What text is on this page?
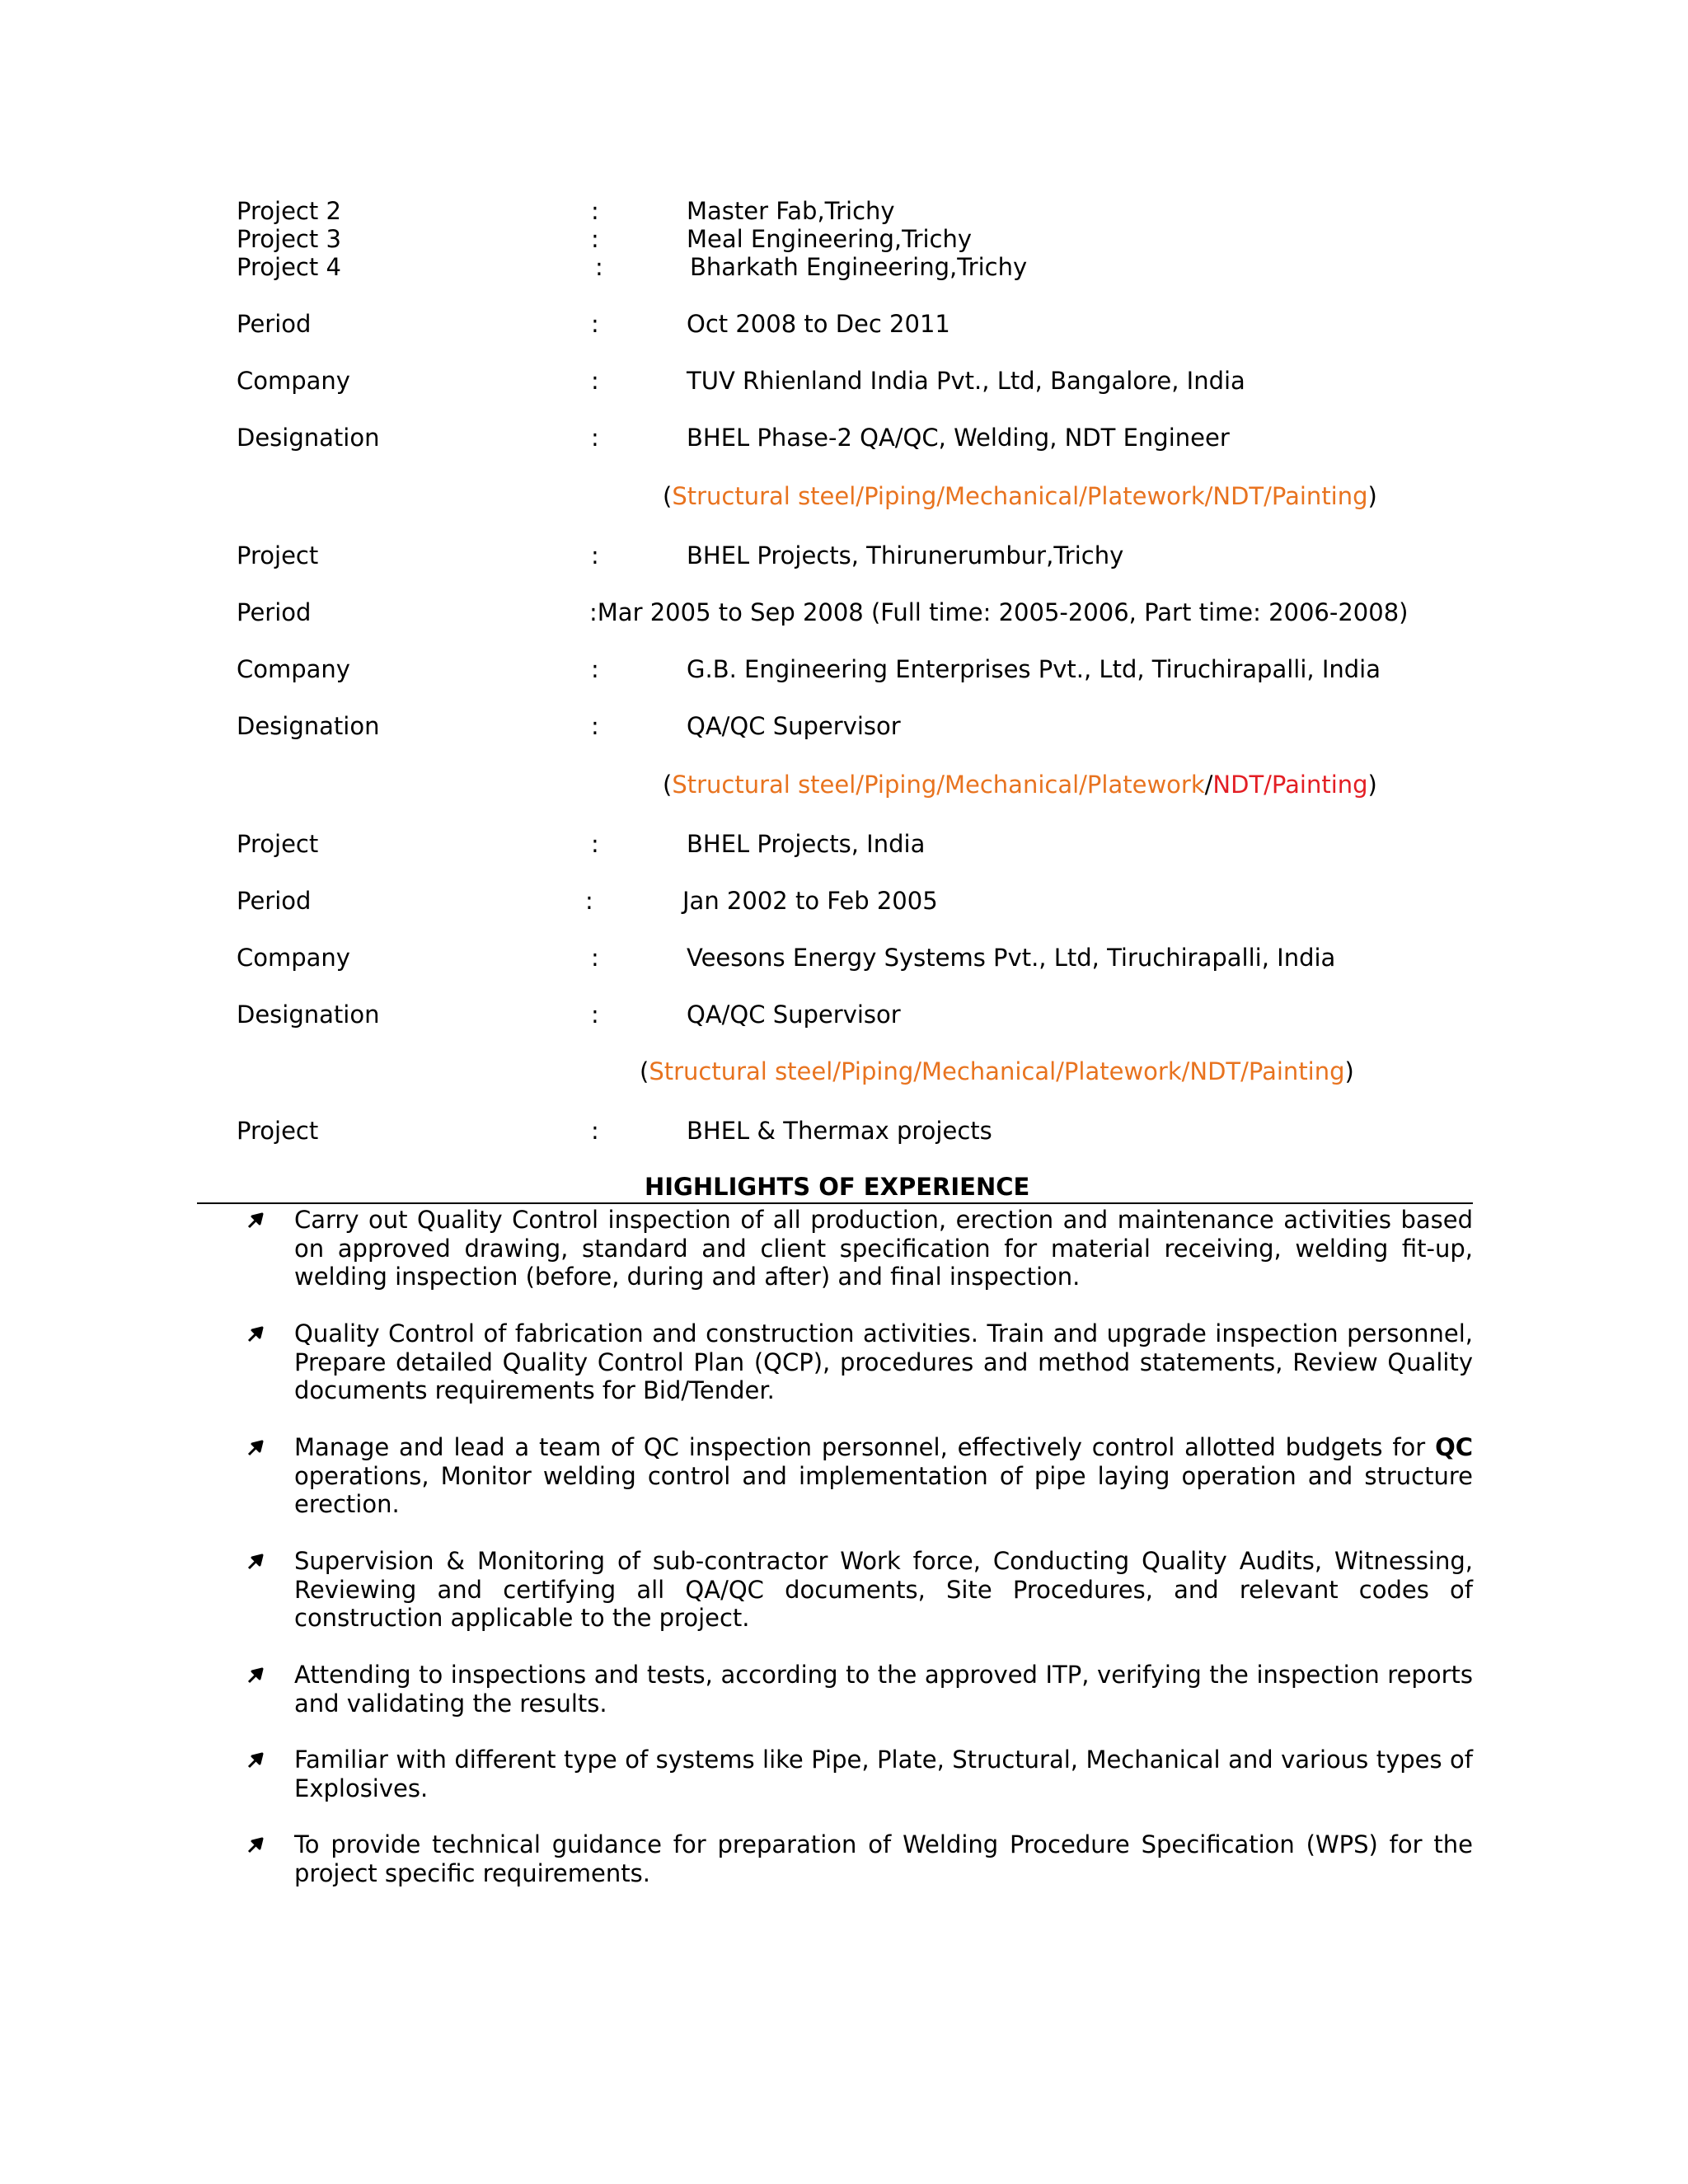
Project 2	:	Master Fab,Trichy
Project 3	:	Meal Engineering,Trichy
Project 4	:	Bharkath Engineering,Trichy
Period	:	Oct 2008 to Dec 2011
Company	:	TUV Rhienland India Pvt., Ltd, Bangalore, India
Designation	:	BHEL Phase-2 QA/QC, Welding, NDT Engineer
(Structural steel/Piping/Mechanical/Platework/NDT/Painting)
Project	:	BHEL Projects, Thirunerumbur,Trichy
Period	:Mar 2005 to Sep 2008 (Full time: 2005-2006, Part time: 2006-2008)
Company	:	G.B. Engineering Enterprises Pvt., Ltd, Tiruchirapalli, India
Designation	:	QA/QC Supervisor
(Structural steel/Piping/Mechanical/Platework/NDT/Painting)
Project	:	BHEL Projects, India
Period	:	Jan 2002 to Feb 2005
Company	:	Veesons Energy Systems Pvt., Ltd, Tiruchirapalli, India
Designation	:	QA/QC Supervisor
(Structural steel/Piping/Mechanical/Platework/NDT/Painting)
Project	:	BHEL & Thermax projects
HIGHLIGHTS OF EXPERIENCE
Carry out Quality Control inspection of all production, erection and maintenance activities based on approved drawing, standard and client specification for material receiving, welding fit-up, welding inspection (before, during and after) and final inspection.
Quality Control of fabrication and construction activities. Train and upgrade inspection personnel, Prepare detailed Quality Control Plan (QCP), procedures and method statements, Review Quality documents requirements for Bid/Tender.
Manage and lead a team of QC inspection personnel, effectively control allotted budgets for QC operations, Monitor welding control and implementation of pipe laying operation and structure erection.
Supervision & Monitoring of sub-contractor Work force, Conducting Quality Audits, Witnessing, Reviewing and certifying all QA/QC documents, Site Procedures, and relevant codes of construction applicable to the project.
Attending to inspections and tests, according to the approved ITP, verifying the inspection reports and validating the results.
Familiar with different type of systems like Pipe, Plate, Structural, Mechanical and various types of Explosives.
To provide technical guidance for preparation of Welding Procedure Specification (WPS) for the project specific requirements.
